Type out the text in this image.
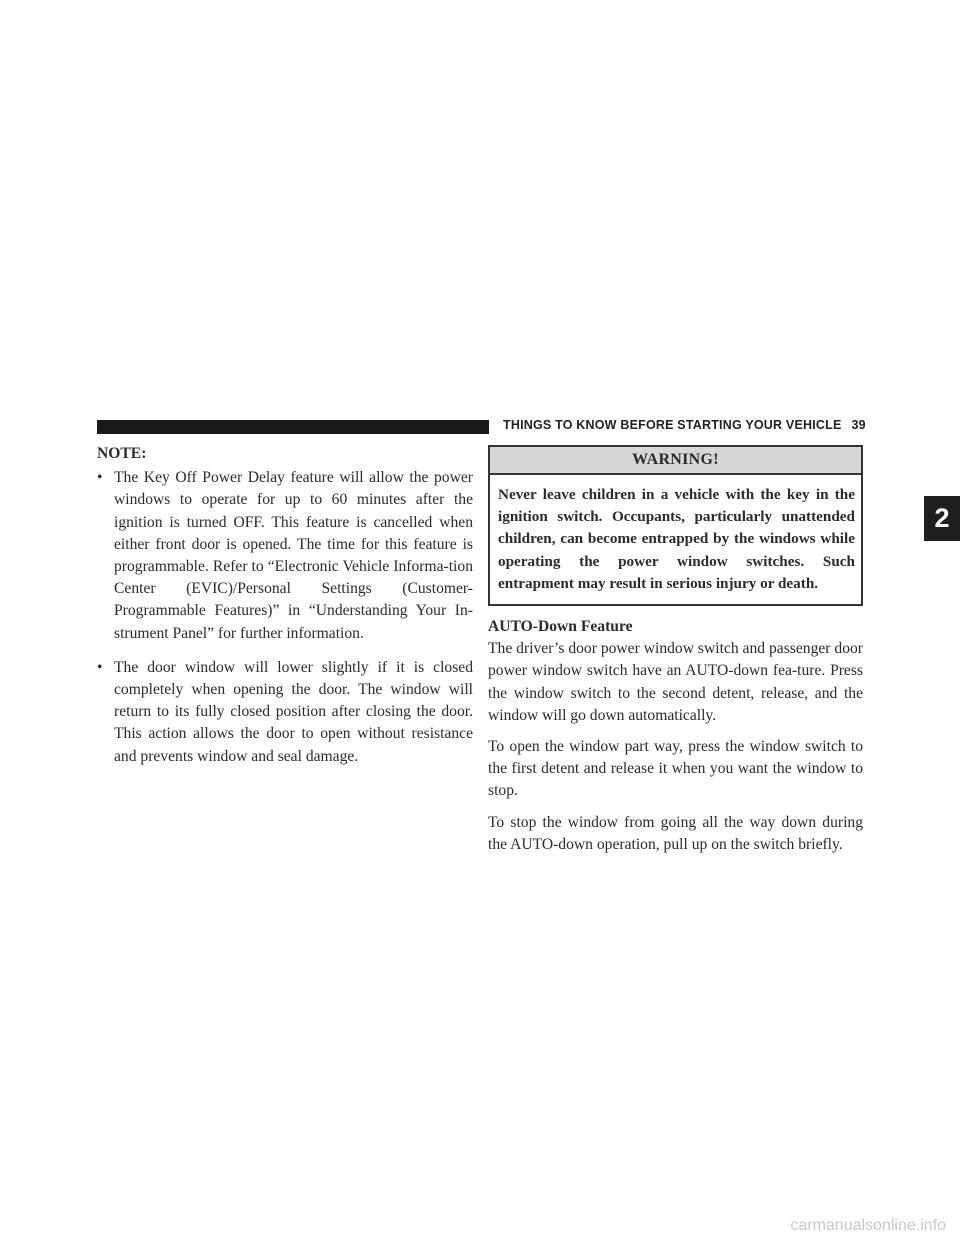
THINGS TO KNOW BEFORE STARTING YOUR VEHICLE 39
2
NOTE:
• The Key Off Power Delay feature will allow the power windows to operate for up to 60 minutes after the ignition is turned OFF. This feature is cancelled when either front door is opened. The time for this feature is programmable. Refer to “Electronic Vehicle Informa-tion Center (EVIC)/Personal Settings (Customer-Programmable Features)” in “Understanding Your In-strument Panel” for further information.
• The door window will lower slightly if it is closed completely when opening the door. The window will return to its fully closed position after closing the door. This action allows the door to open without resistance and prevents window and seal damage.
WARNING!
Never leave children in a vehicle with the key in the ignition switch. Occupants, particularly unattended children, can become entrapped by the windows while operating the power window switches. Such entrapment may result in serious injury or death.
AUTO-Down Feature

The driver’s door power window switch and passenger door power window switch have an AUTO-down fea-ture. Press the window switch to the second detent, release, and the window will go down automatically.

To open the window part way, press the window switch to the first detent and release it when you want the window to stop.

To stop the window from going all the way down during the AUTO-down operation, pull up on the switch briefly.

carmanualsonline.info
